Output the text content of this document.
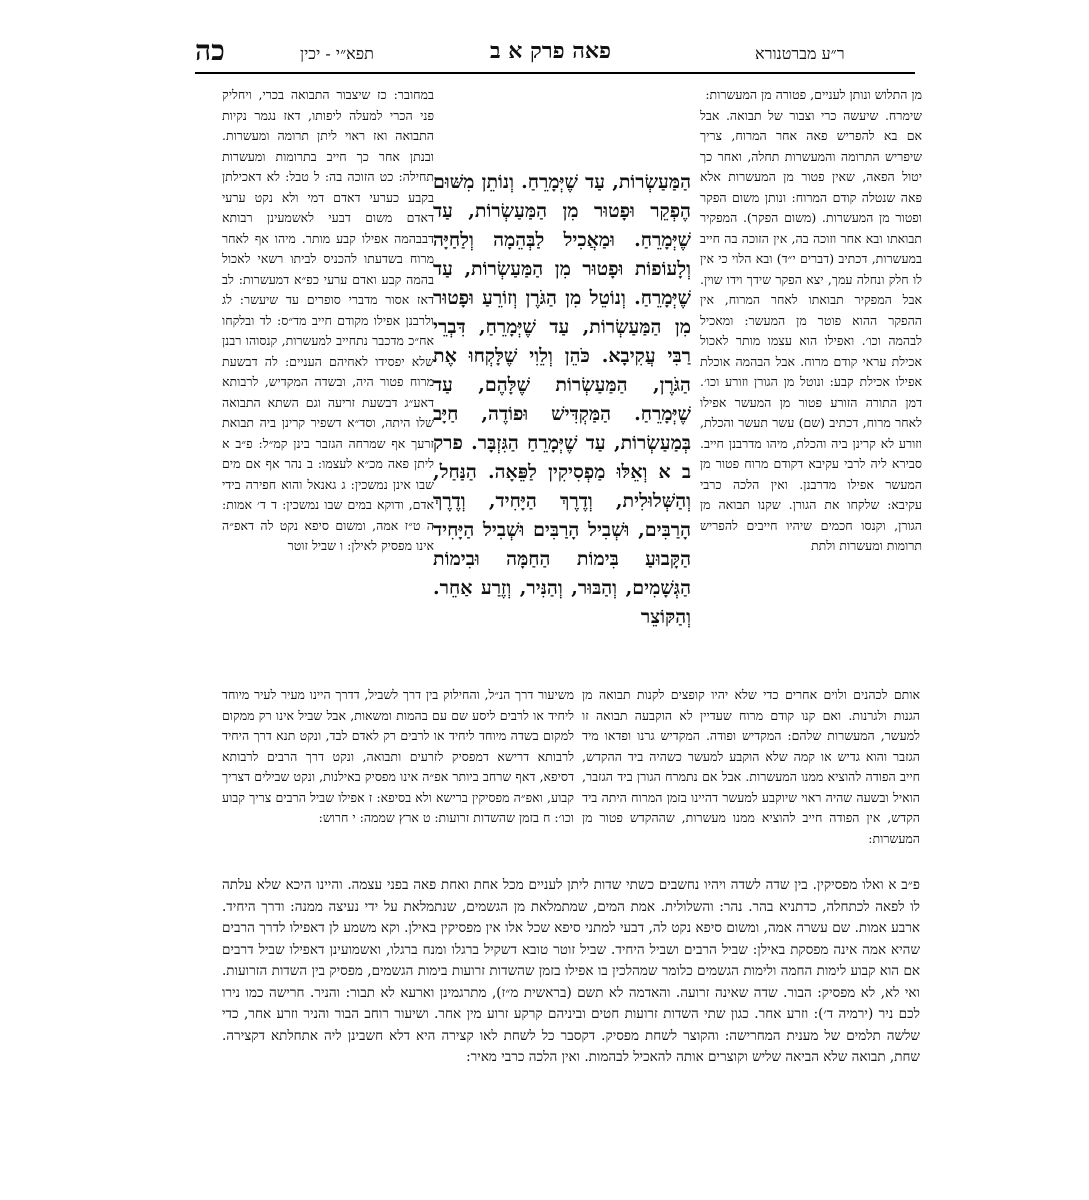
כה	תפא״י - יכין	פאה פרק א ב	ר״ע מברטנורא

במחובר: כז שיצבור התבואה בכרי, ויחליק פני הכרי למעלה ליפותו, דאז נגמר נקיות התבואה ואז ראוי ליתן תרומה ומעשרות. ובנתן אחר כך חייב בתרומות ומעשרות תחילה: כט הזוכה בה: ל טבל: לא דאכילתן בקבע כערעי דאדם דמי ולא נקט ערעי דאדם משום דבעי לאשמעינן רבותא דבבהמה אפילו קבע מותר. מיהו אף לאחר מרוח בשדעתו להכניס לביתו רשאי לאכול בהמה קבע ואדם ערעי כפ״א דמעשרות: לב דאז אסור מדברי סופרים עד שיעשר: לג ולרבנן אפילו מקודם חייב מד״ס: לד ובלקחו אח״כ מדכבר נתחייב למעשרות, קנסוהו רבנן שלא יפסידו לאחיהם העניים: לה דבשעת מרוח פטור היה, ובשדה המקדיש, לרבותא דאע״ג דבשעת זריעה וגם השתא התבואה שלו היתה, וסד״א דשפיר קרינן ביה תבואת זרעך אף שמרחה הגזבר בינן קמ״ל: פ״ב א ליתן פאה מכ״א לעצמו: ב נהר אף אם מים שבו אינן נמשכין: ג גאנאל והוא חפירה בידי אדם, ודוקא במים שבו נמשכין: ד ד׳ אמות: ה ט״ז אמה, ומשום סיפא נקט לה דאפ״ה אינו מפסיק לאילן: ו שביל זוטר

הַמַּעַשְׂרוֹת, עַד שֶׁיְּמָרֵחַ. וְנוֹתֵן מִשּׁוּם הֶפְקֵר וּפָטוּר מִן הַמַּעַשְׂרוֹת, עַד שֶׁיְּמָרֵחַ. וּמַאֲכִיל לַבְּהֵמָה וְלַחַיָּה וְלָעוֹפוֹת וּפָטוּר מִן הַמַּעַשְׂרוֹת, עַד שֶׁיְּמָרֵחַ. וְנוֹטֵל מִן הַגֹּרֶן וְזוֹרֵעַ וּפָטוּר מִן הַמַּעַשְׂרוֹת, עַד שֶׁיְּמָרֵחַ, דִּבְרֵי רַבִּי עֲקִיבָא. כֹּהֵן וְלֵוִי שֶׁלָּקְחוּ אֶת הַגֹּרֶן, הַמַּעַשְׂרוֹת שֶׁלָּהֶם, עַד שֶׁיְּמָרֵחַ. הַמַּקְדִּישׁ וּפוֹדֶה, חַיָּב בְּמַעַשְׂרוֹת, עַד שֶׁיְּמָרֵחַ הַגִּזְבָּר. פרק ב א וְאֵלּוּ מַפְסִיקִין לַפֵּאָה. הַנַּחַל, וְהַשְּׁלוּלִית, וְדֶרֶךְ הַיָּחִיד, וְדֶרֶךְ הָרַבִּים, וּשְׁבִיל הָרַבִּים וּשְׁבִיל הַיָּחִיד הַקָּבוּעַ בִּימוֹת הַחַמָּה וּבִימוֹת הַגְּשָׁמִים, וְהַבּוּר, וְהַנִּיר, וְזֶרַע אַחֵר. וְהַקּוֹצֵר

מן התלוש ונותן לעניים, פטורה מן המעשרות:

שימרח. שיעשה כרי וצבור של תבואה. אבל אם בא להפריש פאה אחר המרוח, צריך שיפריש התרומה והמעשרות תחלה, ואחר כך יטול הפאה, שאין פטור מן המעשרות אלא פאה שנטלה קודם המרוח: ונותן משום הפקר ופטור מן המעשרות. (משום הפקר). המפקיר תבואתו ובא אחר וזוכה בה, אין הזוכה בה חייב במעשרות, דכתיב (דברים י״ד) ובא הלוי כי אין לו חלק ונחלה עמך, יצא הפקר שידך וידו שוין. אבל המפקיר תבואתו לאחר המרוח, אין ההפקר ההוא פוטר מן המעשר: ומאכיל לבהמה וכו׳. ואפילו הוא עצמו מותר לאכול אכילת עראי קודם מרוח. אבל הבהמה אוכלת אפילו אכילת קבע: ונוטל מן הגורן וזורע וכו׳. דמן התורה הזורע פטור מן המעשר אפילו לאחר מרוח, דכתיב (שם) עשר תעשר והכלת, וזורע לא קרינן ביה והכלת, מיהו מדרבנן חייב. סבירא ליה לרבי עקיבא דקודם מרוח פטור מן המעשר אפילו מדרבנן. ואין הלכה כרבי עקיבא: שלקחו את הגורן. שקנו תבואה מן הגורן, וקנסו חכמים שיהיו חייבים להפריש תרומות ומעשרות ולתת

משיעור דרך הנ״ל, והחילוק בין דרך לשביל, דדרך היינו מעיר לעיר מיוחד ליחיד או לרבים ליסע שם עם בהמות ומשאות, אבל שביל אינו רק ממקום למקום בשדה מיוחד ליחיד או לרבים רק לאדם לבד, ונקט תנא דרך היחיד לרבותא דרישא דמפסיק לזרעים ותבואה, ונקט דרך הרבים לרבותא דסיפא, דאף שרחב ביותר אפ״ה אינו מפסיק באילנות, ונקט שבילים דצריך קבוע, ואפ״ה מפסיקין ברישא ולא בסיפא: ז אפילו שביל הרבים צריך קבוע וכו׳: ח בזמן שהשדות זרועות: ט ארץ שממה: י חרוש:

אותם לכהנים ולוים אחרים כדי שלא יהיו קופצים לקנות תבואה מן הגנות ולגרנות. ואם קנו קודם מרוח שעדיין לא הוקבעה תבואה זו למעשר, המעשרות שלהם: המקדיש ופודה. המקדיש גרנו ופדאו מיד הגזבר והוא גדיש או קמה שלא הוקבע למעשר כשהיה ביד ההקדש, חייב הפודה להוציא ממנו המעשרות. אבל אם נתמרח הגורן ביד הגזבר, הואיל ובשעה שהיה ראוי שיוקבע למעשר דהיינו בזמן המרוח היתה ביד הקדש, אין הפודה חייב להוציא ממנו מעשרות, שההקדש פטור מן המעשרות:

פ״ב א ואלו מפסיקין. בין שדה לשדה ויהיו נחשבים כשתי שדות ליתן לעניים מכל אחת ואחת פאה בפני עצמה. והיינו היכא שלא עלתה לו לפאה לכתחלה, כדתניא בהר. נהר: והשלולית. אמת המים, שמתמלאת מן הגשמים, שנתמלאת על ידי נעיצה ממנה: ודרך היחיד. ארבע אמות. שם עשרה אמה, ומשום סיפא נקט לה, דבעי למתני סיפא שכל אלו אין מפסיקין באילן. וקא משמע לן דאפילו לדרך הרבים שהיא אמה אינה מפסקת באילן: שביל הרבים ושביל היחיד. שביל זוטר טובא דשקיל ברגלו ומנח ברגלו, ואשמועינן דאפילו שביל דרבים אם הוא קבוע לימות החמה ולימות הגשמים כלומר שמהלכין בו אפילו בזמן שהשדות זרועות בימות הגשמים, מפסיק בין השדות הזרועות. ואי לא, לא מפסיק: הבור. שדה שאינה זרועה. והאדמה לא תשם (בראשית מ״ז), מתרגמינן וארעא לא תבור: והניר. חרישה כמו נירו לכם ניר (ירמיה ד׳): וזרע אחר. כגון שתי השדות זרועות חטים וביניהם קרקע זרוע מין אחר. ושיעור רוחב הבור והניר וזרע אחר, כדי שלשה תלמים של מענית המחרישה: והקוצר לשחת מפסיק. דקסבר כל לשחת לאו קצירה היא דלא חשבינן ליה אתחלתא דקצירה. שחת, תבואה שלא הביאה שליש וקוצרים אותה להאכיל לבהמות. ואין הלכה כרבי מאיר:
